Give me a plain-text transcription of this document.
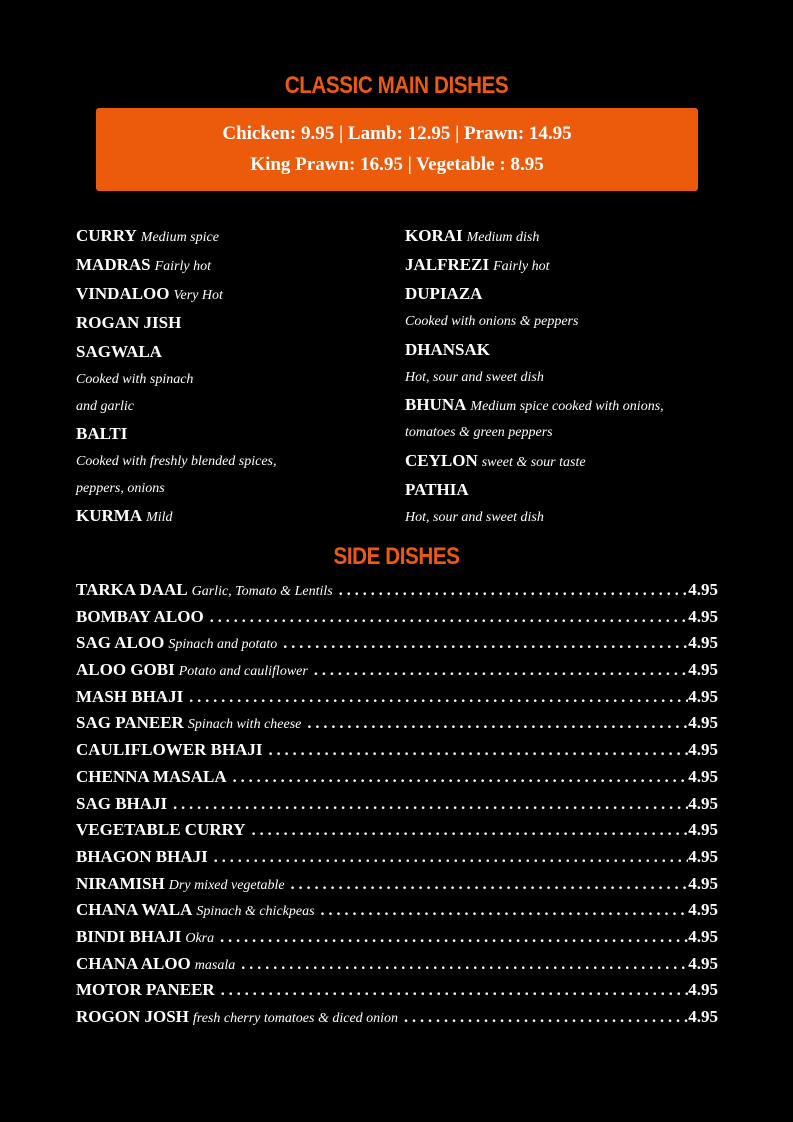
CLASSIC MAIN DISHES
Chicken: 9.95 | Lamb: 12.95 | Prawn: 14.95
King Prawn: 16.95 | Vegetable : 8.95
CURRY Medium spice
MADRAS Fairly hot
VINDALOO Very Hot
ROGAN JISH
SAGWALA
Cooked with spinach
and garlic
BALTI
Cooked with freshly blended spices,
peppers, onions
KURMA Mild
KORAI Medium dish
JALFREZI Fairly hot
DUPIAZA
Cooked with onions & peppers
DHANSAK
Hot, sour and sweet dish
BHUNA Medium spice cooked with onions,
tomatoes & green peppers
CEYLON sweet & sour taste
PATHIA
Hot, sour and sweet dish
SIDE DISHES
TARKA DAAL Garlic, Tomato & Lentils . . .	4.95
BOMBAY ALOO . . .	4.95
SAG ALOO Spinach and potato . . .	4.95
ALOO GOBI Potato and cauliflower . . .	4.95
MASH BHAJI . . .	4.95
SAG PANEER Spinach with cheese . . .	4.95
CAULIFLOWER BHAJI . . .	4.95
CHENNA MASALA . . .	4.95
SAG BHAJI . . .	4.95
VEGETABLE CURRY . . .	4.95
BHAGON BHAJI . . .	4.95
NIRAMISH Dry mixed vegetable . . .	4.95
CHANA WALA Spinach & chickpeas . . .	4.95
BINDI BHAJI Okra . . .	4.95
CHANA ALOO masala . . .	4.95
MOTOR PANEER . . .	4.95
ROGON JOSH fresh cherry tomatoes & diced onion . . .	4.95
